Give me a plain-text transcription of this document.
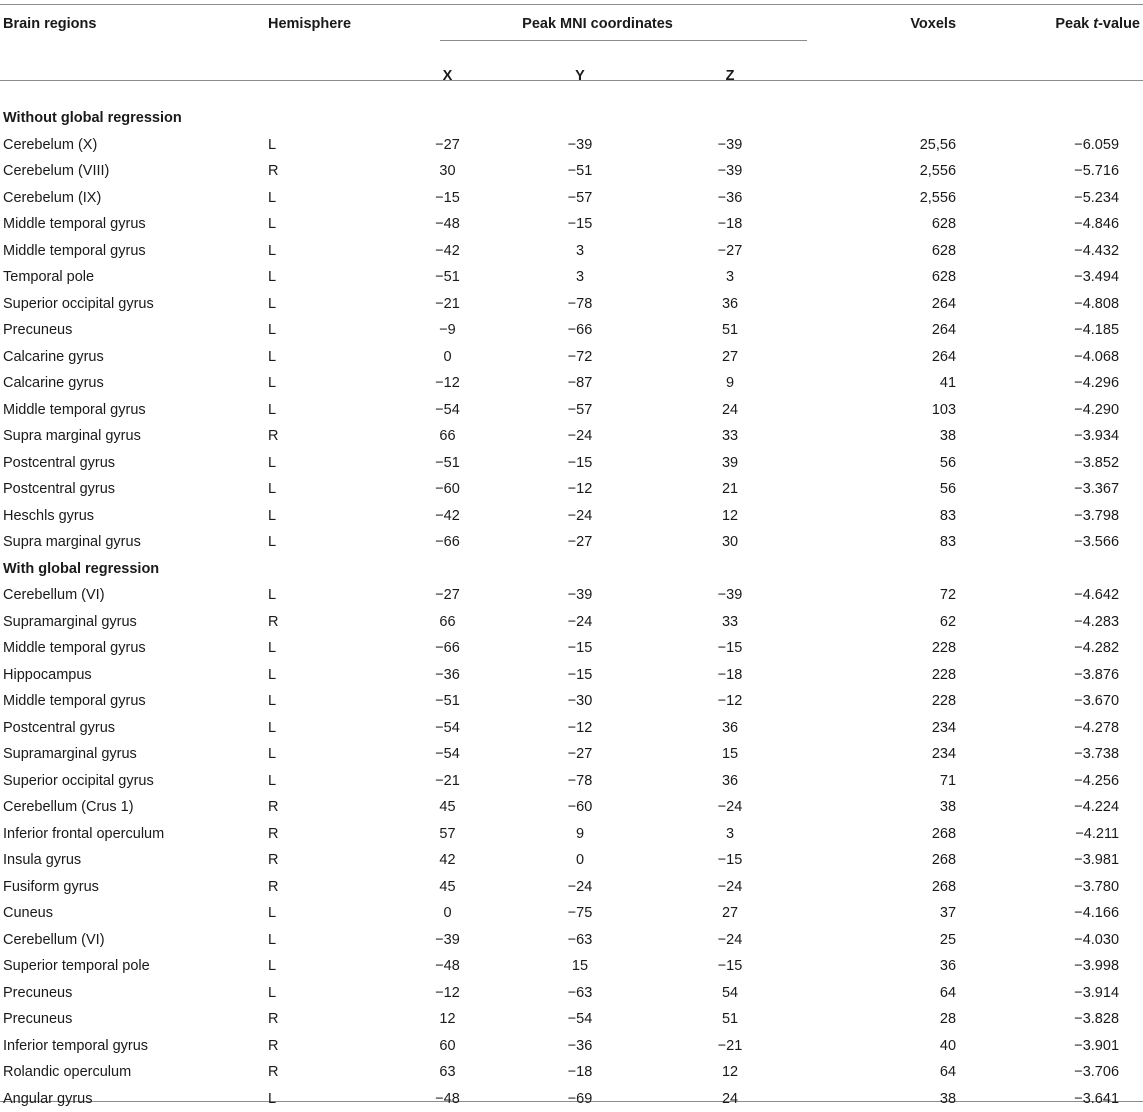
Brain regions	Hemisphere	Peak MNI coordinates			Voxels	Peak t-value
		X	Y	Z		
Without global regression						
Cerebelum (X)	L	−27	−39	−39	25,56	−6.059
Cerebelum (VIII)	R	30	−51	−39	2,556	−5.716
Cerebelum (IX)	L	−15	−57	−36	2,556	−5.234
Middle temporal gyrus	L	−48	−15	−18	628	−4.846
Middle temporal gyrus	L	−42	3	−27	628	−4.432
Temporal pole	L	−51	3	3	628	−3.494
Superior occipital gyrus	L	−21	−78	36	264	−4.808
Precuneus	L	−9	−66	51	264	−4.185
Calcarine gyrus	L	0	−72	27	264	−4.068
Calcarine gyrus	L	−12	−87	9	41	−4.296
Middle temporal gyrus	L	−54	−57	24	103	−4.290
Supra marginal gyrus	R	66	−24	33	38	−3.934
Postcentral gyrus	L	−51	−15	39	56	−3.852
Postcentral gyrus	L	−60	−12	21	56	−3.367
Heschls gyrus	L	−42	−24	12	83	−3.798
Supra marginal gyrus	L	−66	−27	30	83	−3.566
With global regression						
Cerebellum (VI)	L	−27	−39	−39	72	−4.642
Supramarginal gyrus	R	66	−24	33	62	−4.283
Middle temporal gyrus	L	−66	−15	−15	228	−4.282
Hippocampus	L	−36	−15	−18	228	−3.876
Middle temporal gyrus	L	−51	−30	−12	228	−3.670
Postcentral gyrus	L	−54	−12	36	234	−4.278
Supramarginal gyrus	L	−54	−27	15	234	−3.738
Superior occipital gyrus	L	−21	−78	36	71	−4.256
Cerebellum (Crus 1)	R	45	−60	−24	38	−4.224
Inferior frontal operculum	R	57	9	3	268	−4.211
Insula gyrus	R	42	0	−15	268	−3.981
Fusiform gyrus	R	45	−24	−24	268	−3.780
Cuneus	L	0	−75	27	37	−4.166
Cerebellum (VI)	L	−39	−63	−24	25	−4.030
Superior temporal pole	L	−48	15	−15	36	−3.998
Precuneus	L	−12	−63	54	64	−3.914
Precuneus	R	12	−54	51	28	−3.828
Inferior temporal gyrus	R	60	−36	−21	40	−3.901
Rolandic operculum	R	63	−18	12	64	−3.706
Angular gyrus	L	−48	−69	24	38	−3.641
